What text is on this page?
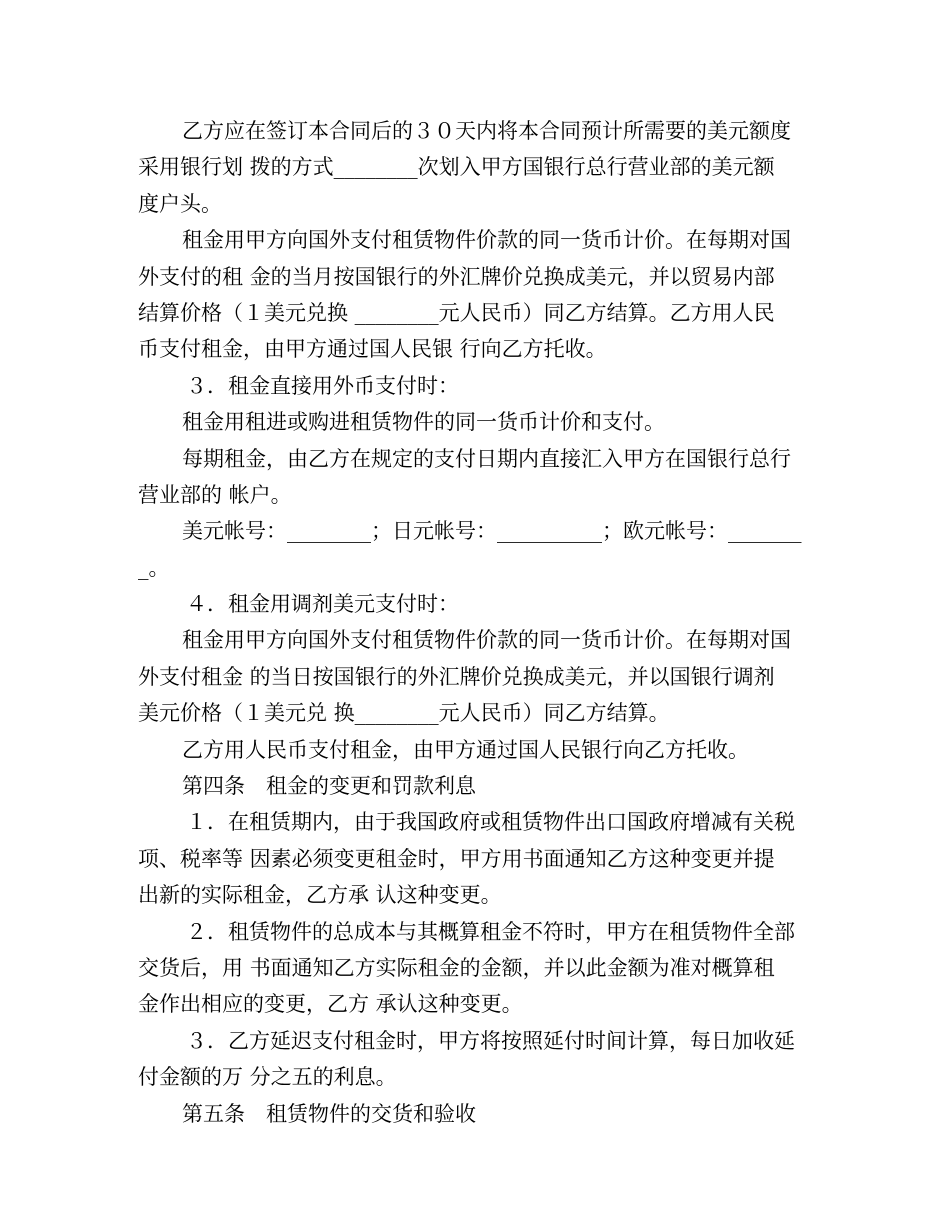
乙方应在签订本合同后的３０天内将本合同预计所需要的美元额度
采用银行划 拨的方式________次划入甲方国银行总行营业部的美元额
度户头。
租金用甲方向国外支付租赁物件价款的同一货币计价。在每期对国
外支付的租 金的当月按国银行的外汇牌价兑换成美元，并以贸易内部
结算价格（１美元兑换 ________元人民币）同乙方结算。乙方用人民
币支付租金，由甲方通过国人民银 行向乙方托收。
３．租金直接用外币支付时：
租金用租进或购进租赁物件的同一货币计价和支付。
每期租金，由乙方在规定的支付日期内直接汇入甲方在国银行总行
营业部的 帐户。
美元帐号：________；日元帐号：__________；欧元帐号：_______
_。
４．租金用调剂美元支付时：
租金用甲方向国外支付租赁物件价款的同一货币计价。在每期对国
外支付租金 的当日按国银行的外汇牌价兑换成美元，并以国银行调剂
美元价格（１美元兑 换________元人民币）同乙方结算。
乙方用人民币支付租金，由甲方通过国人民银行向乙方托收。
第四条　租金的变更和罚款利息
１．在租赁期内，由于我国政府或租赁物件出口国政府增减有关税
项、税率等 因素必须变更租金时，甲方用书面通知乙方这种变更并提
出新的实际租金，乙方承 认这种变更。
２．租赁物件的总成本与其概算租金不符时，甲方在租赁物件全部
交货后，用 书面通知乙方实际租金的金额，并以此金额为准对概算租
金作出相应的变更，乙方 承认这种变更。
３．乙方延迟支付租金时，甲方将按照延付时间计算，每日加收延
付金额的万 分之五的利息。
第五条　租赁物件的交货和验收
